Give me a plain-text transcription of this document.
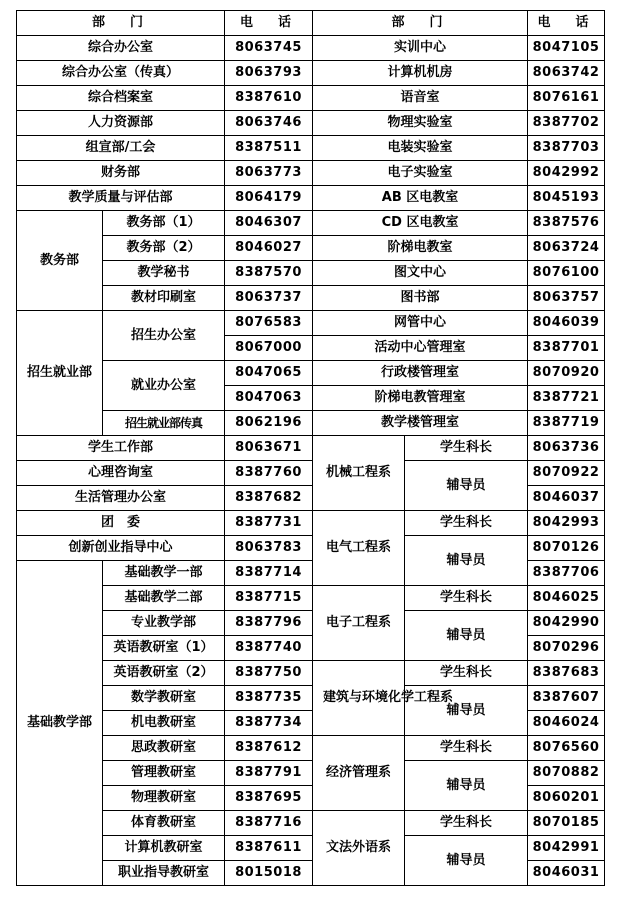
部　门		电　话	部　门		电　话
综合办公室		8063745	实训中心		8047105
综合办公室（传真）		8063793	计算机机房		8063742
综合档案室		8387610	语音室		8076161
人力资源部		8063746	物理实验室		8387702
组宣部/工会		8387511	电装实验室		8387703
财务部		8063773	电子实验室		8042992
教学质量与评估部		8064179	AB 区电教室		8045193
教务部	教务部（1）	8046307	CD 区电教室		8387576
	教务部（2）	8046027	阶梯电教室		8063724
	教学秘书	8387570	图文中心		8076100
	教材印刷室	8063737	图书部		8063757
招生就业部	招生办公室	8076583	网管中心		8046039
		8067000	活动中心管理室		8387701
	就业办公室	8047065	行政楼管理室		8070920
		8047063	阶梯电教管理室		8387721
	招生就业部传真	8062196	教学楼管理室		8387719
学生工作部		8063671	机械工程系	学生科长	8063736
心理咨询室		8387760		辅导员	8070922
生活管理办公室		8387682			8046037
团　委		8387731	电气工程系	学生科长	8042993
创新创业指导中心		8063783		辅导员	8070126
基础教学部	基础教学一部	8387714			8387706
	基础教学二部	8387715	电子工程系	学生科长	8046025
	专业教学部	8387796		辅导员	8042990
	英语教研室（1）	8387740			8070296
	英语教研室（2）	8387750	建筑与环境化学工程系	学生科长	8387683
	数学教研室	8387735		辅导员	8387607
	机电教研室	8387734			8046024
	思政教研室	8387612	经济管理系	学生科长	8076560
	管理教研室	8387791		辅导员	8070882
	物理教研室	8387695			8060201
	体育教研室	8387716	文法外语系	学生科长	8070185
	计算机教研室	8387611		辅导员	8042991
	职业指导教研室	8015018			8046031
